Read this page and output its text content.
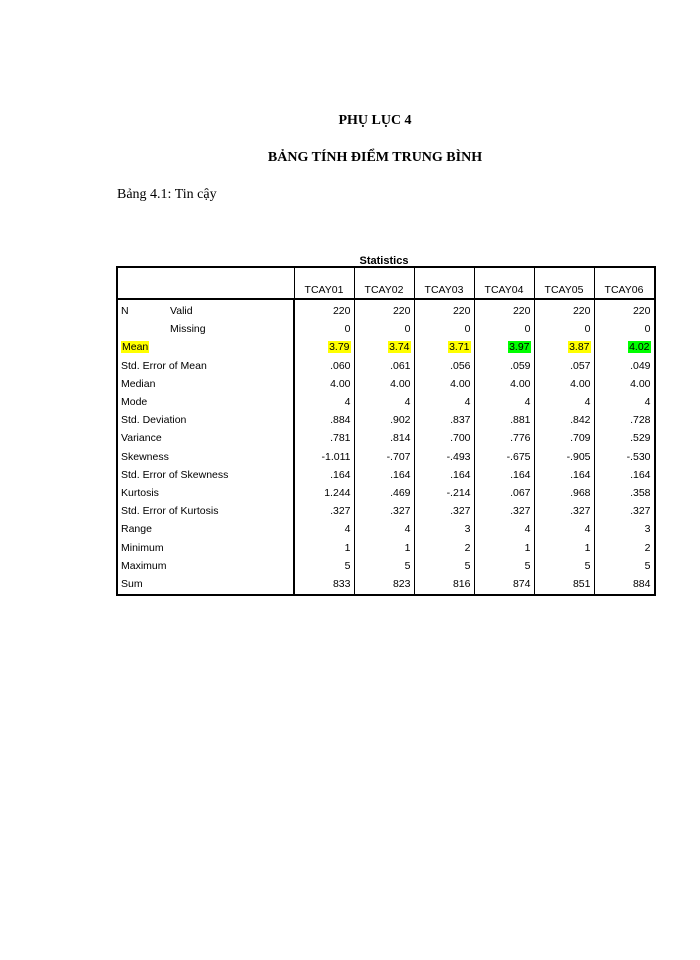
PHỤ LỤC 4
BẢNG TÍNH ĐIỂM TRUNG BÌNH
Bảng 4.1: Tin cậy
Statistics
		TCAY01	TCAY02	TCAY03	TCAY04	TCAY05	TCAY06
N	Valid	220	220	220	220	220	220
	Missing	0	0	0	0	0	0
Mean		3.79	3.74	3.71	3.97	3.87	4.02
Std. Error of Mean		.060	.061	.056	.059	.057	.049
Median		4.00	4.00	4.00	4.00	4.00	4.00
Mode		4	4	4	4	4	4
Std. Deviation		.884	.902	.837	.881	.842	.728
Variance		.781	.814	.700	.776	.709	.529
Skewness		-1.011	-.707	-.493	-.675	-.905	-.530
Std. Error of Skewness		.164	.164	.164	.164	.164	.164
Kurtosis		1.244	.469	-.214	.067	.968	.358
Std. Error of Kurtosis		.327	.327	.327	.327	.327	.327
Range		4	4	3	4	4	3
Minimum		1	1	2	1	1	2
Maximum		5	5	5	5	5	5
Sum		833	823	816	874	851	884
